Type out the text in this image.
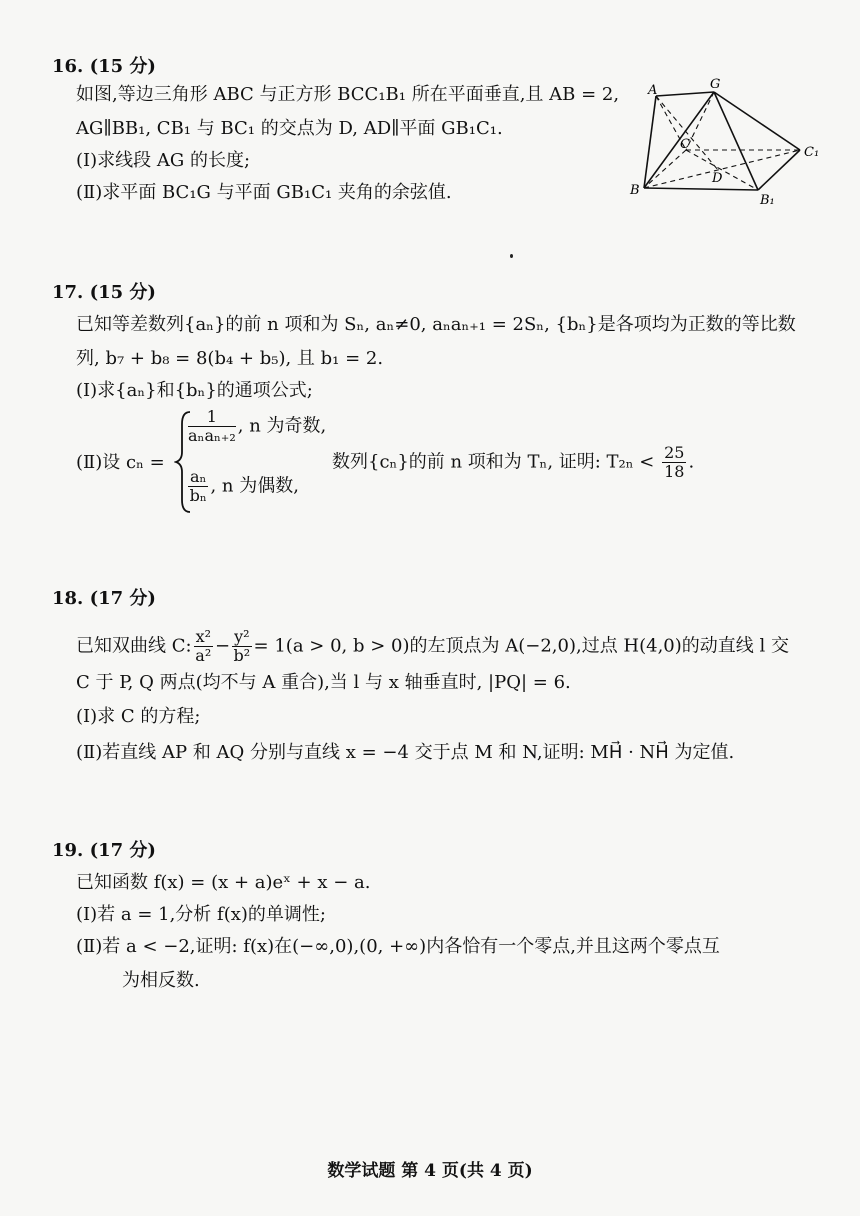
16. (15 分)
如图,等边三角形 ABC 与正方形 BCC₁B₁ 所在平面垂直,且 AB = 2,
AG∥BB₁, CB₁ 与 BC₁ 的交点为 D, AD∥平面 GB₁C₁.
(Ⅰ)求线段 AG 的长度;
(Ⅱ)求平面 BC₁G 与平面 GB₁C₁ 夹角的余弦值.
A	G
C
C₁
D
B
B₁
17. (15 分)
已知等差数列{aₙ}的前 n 项和为 Sₙ, aₙ≠0, aₙaₙ₊₁ = 2Sₙ, {bₙ}是各项均为正数的等比数
列, b₇ + b₈ = 8(b₄ + b₅), 且 b₁ = 2.
(Ⅰ)求{aₙ}和{bₙ}的通项公式;
(Ⅱ)设 cₙ =
$\frac{1}{\text{aₙaₙ₊₂}}$ , n 为奇数,
$\frac{\text{aₙ}}{\text{bₙ}}$ , n 为偶数,
数列{cₙ}的前 n 项和为 Tₙ, 证明: $T_{2n} < \frac{25}{18}$ .
18. (17 分)
已知双曲线 C: $\frac{\text{x²}}{\text{a²}} - \frac{\text{y²}}{\text{b²}} = 1(a > 0$, b > 0)的左顶点为 A(−2,0),过点 H(4,0)的动直线 l 交
C 于 P, Q 两点(均不与 A 重合),当 l 与 x 轴垂直时, |PQ| = 6.
(Ⅰ)求 C 的方程;
(Ⅱ)若直线 AP 和 AQ 分别与直线 x = −4 交于点 M 和 N,证明: MH⃗ · NH⃗ 为定值.
19. (17 分)
已知函数 f(x) = (x + a)eˣ + x − a.
(Ⅰ)若 a = 1,分析 f(x)的单调性;
(Ⅱ)若 a < −2,证明: f(x)在(−∞,0),(0, +∞)内各恰有一个零点,并且这两个零点互
为相反数.
数学试题 第 4 页(共 4 页)
